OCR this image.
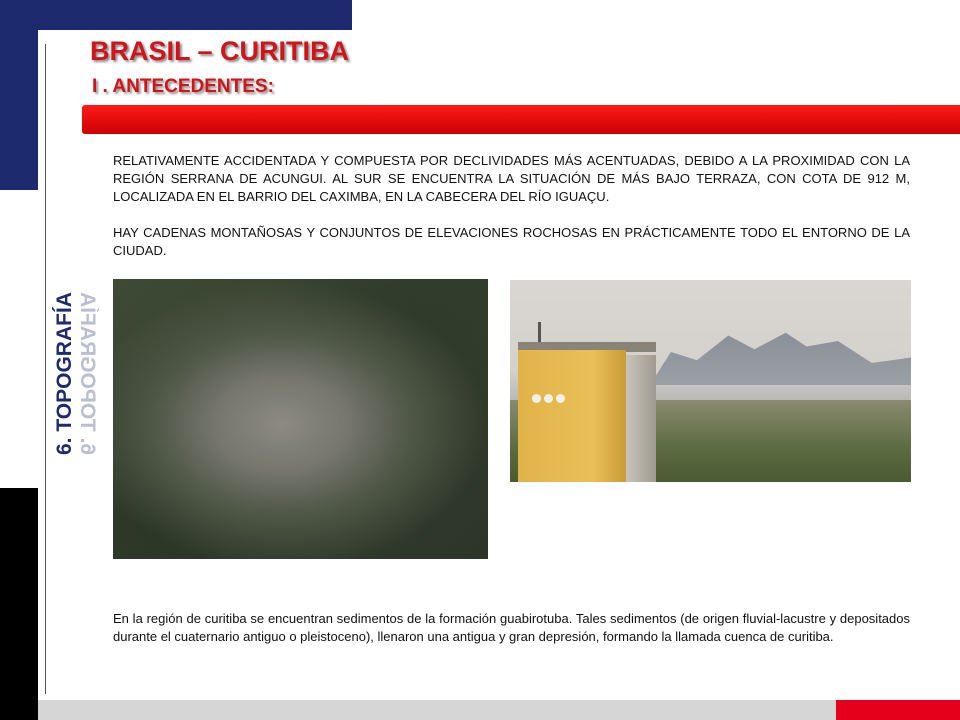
BRASIL – CURITIBA
I . ANTECEDENTES:
6. TOPOGRAFÍA 6. TOPOGRAFÍA
RELATIVAMENTE ACCIDENTADA Y COMPUESTA POR DECLIVIDADES MÁS ACENTUADAS, DEBIDO A LA PROXIMIDAD CON LA REGIÓN SERRANA DE ACUNGUI. AL SUR SE ENCUENTRA LA SITUACIÓN DE MÁS BAJO TERRAZA, CON COTA DE 912 M, LOCALIZADA EN EL BARRIO DEL CAXIMBA, EN LA CABECERA DEL RÍO IGUAÇU.
HAY CADENAS MONTAÑOSAS Y CONJUNTOS DE ELEVACIONES ROCHOSAS EN PRÁCTICAMENTE TODO EL ENTORNO DE LA CIUDAD.
En la región de curitiba se encuentran sedimentos de la formación guabirotuba. Tales sedimentos (de origen fluvial-lacustre y depositados durante el cuaternario antiguo o pleistoceno), llenaron una antigua y gran depresión, formando la llamada cuenca de curitiba.
